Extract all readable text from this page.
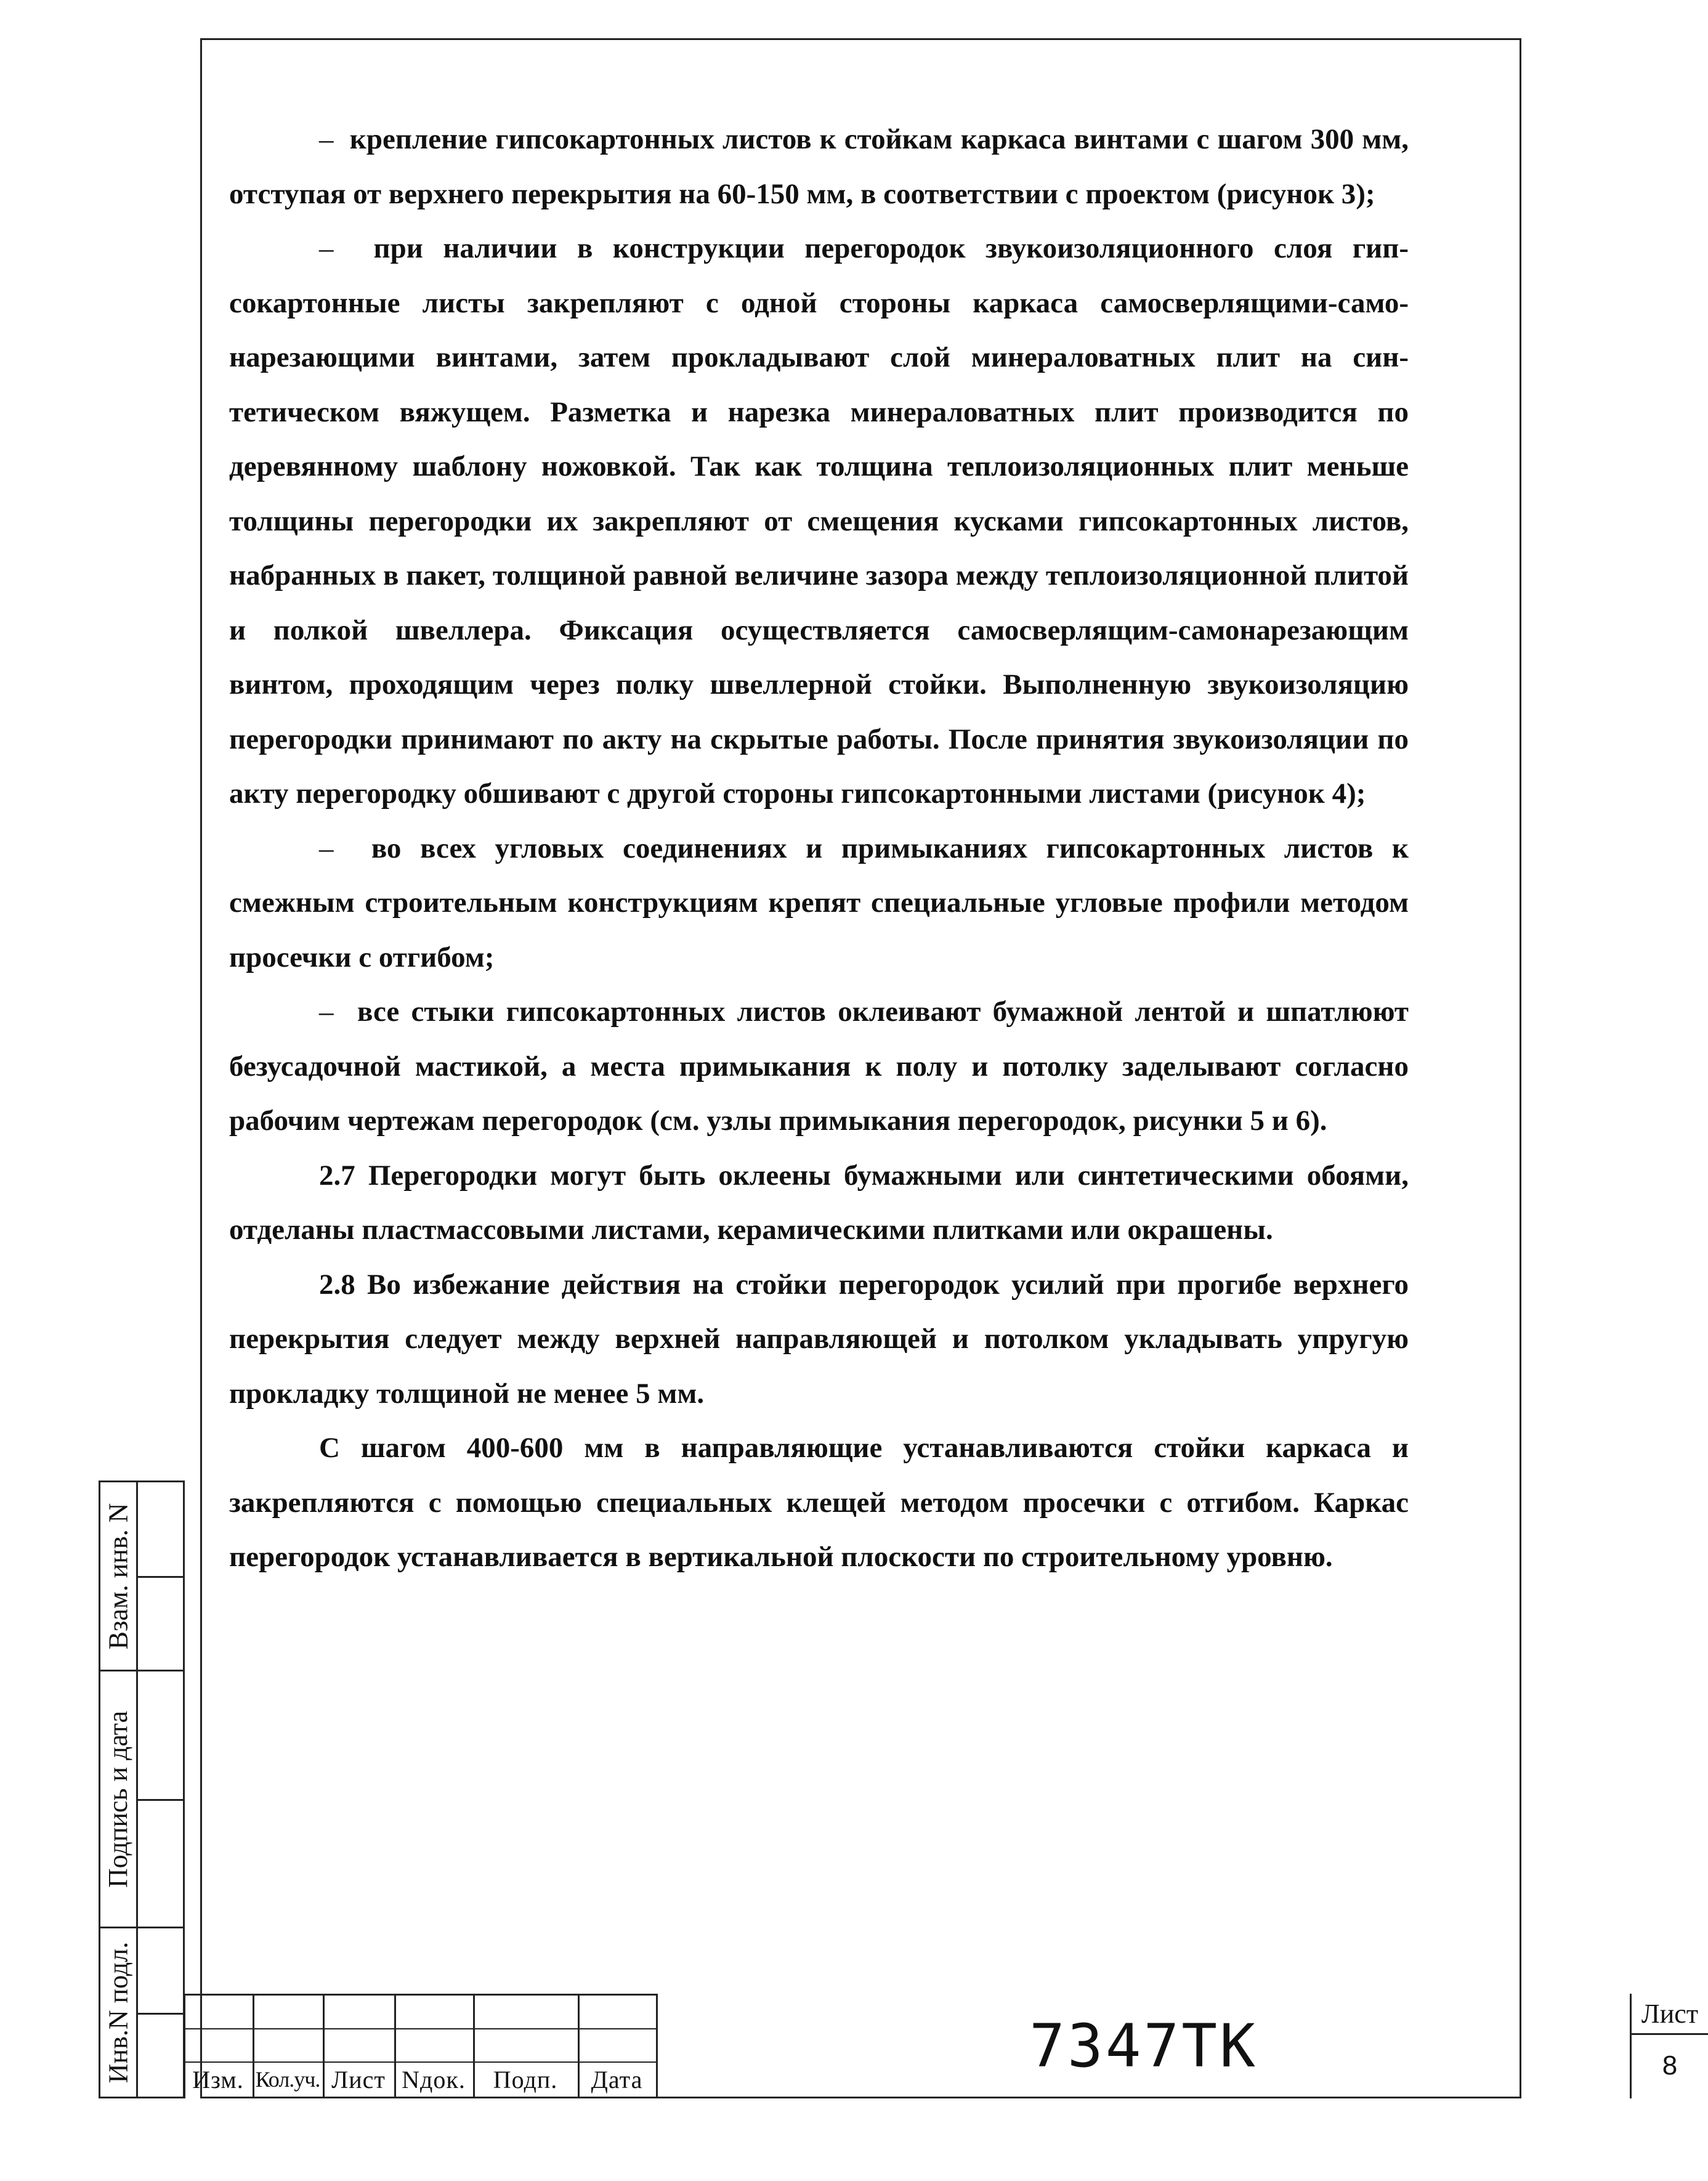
–  крепление гипсокартонных листов к стойкам каркаса винтами с шагом 300 мм, отступая от верхнего перекрытия на 60-150 мм, в соответствии с проектом (рисунок 3);

–  при наличии в конструкции перегородок звукоизоляционного слоя гипсокартонные листы закрепляют с одной стороны каркаса самосверлящими-самонарезающими винтами, затем прокладывают слой минераловатных плит на синтетическом вяжущем. Разметка и нарезка минераловатных плит производится по деревянному шаблону ножовкой. Так как толщина теплоизоляционных плит меньше толщины перегородки их закрепляют от смещения кусками гипсокартонных листов, набранных в пакет, толщиной равной величине зазора между теплоизоляционной плитой и полкой швеллера. Фиксация осуществляется самосверлящим-самонарезающим винтом, проходящим через полку швеллерной стойки. Выполненную звукоизоляцию перегородки принимают по акту на скрытые работы. После принятия звукоизоляции по акту перегородку обшивают с другой стороны гипсокартонными листами (рисунок 4);

–  во всех угловых соединениях и примыканиях гипсокартонных листов к смежным строительным конструкциям крепят специальные угловые профили методом просечки с отгибом;

–  все стыки гипсокартонных листов оклеивают бумажной лентой и шпатлюют безусадочной мастикой, а места примыкания к полу и потолку заделывают согласно рабочим чертежам перегородок (см. узлы примыкания перегородок, рисунки 5 и 6).

2.7 Перегородки могут быть оклеены бумажными или синтетическими обоями, отделаны пластмассовыми листами, керамическими плитками или окрашены.

2.8 Во избежание действия на стойки перегородок усилий при прогибе верхнего перекрытия следует между верхней направляющей и потолком укладывать упругую прокладку толщиной не менее 5 мм.

С шагом 400-600 мм в направляющие устанавливаются стойки каркаса и закрепляются с помощью специальных клещей методом просечки с отгибом. Каркас перегородок устанавливается в вертикальной плоскости по строительному уровню.

Взам. инв. N
Подпись и дата
Инв.N подл.	Изм. Кол.уч. Лист Nдок.	Подп.	Дата	7347ТК	Лист
8
